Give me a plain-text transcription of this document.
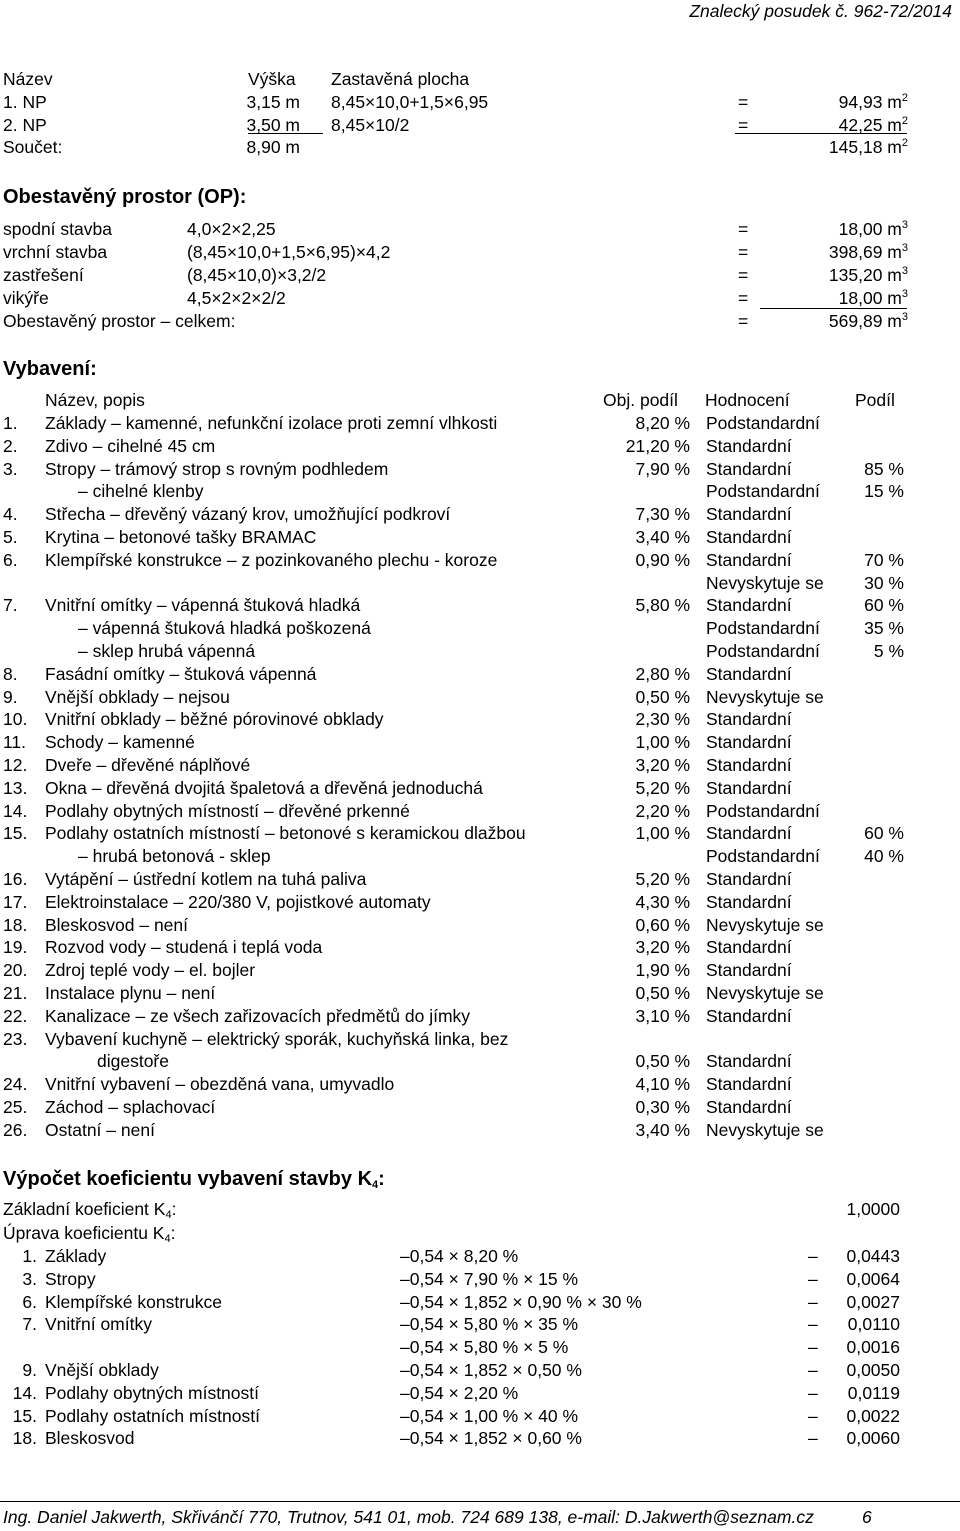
Znalecký posudek č. 962-72/2014
Název	Výška Zastavěná plocha
1. NP	3,15 m 8,45×10,0+1,5×6,95	=	94,93 $m^2$
2. NP	3,50 m 8,45×10/2	=	42,25 $m^2$
Součet:	8,90 m	145,18 $m^2$
Obestavěný prostor (OP):
spodní stavba	4,0×2×2,25	=	18,00 $m^3$
vrchní stavba	(8,45×10,0+1,5×6,95)×4,2	=	398,69 $m^3$
zastřešení	(8,45×10,0)×3,2/2	=	135,20 $m^3$
vikýře	4,5×2×2×2/2	=	18,00 $m^3$
Obestavěný prostor – celkem:	=	569,89 $m^3$
Vybavení:
Název, popis	Obj. podíl Hodnocení	Podíl
1. Základy – kamenné, nefunkční izolace proti zemní vlhkosti	8,20 % Podstandardní
2. Zdivo – cihelné 45 cm	21,20 % Standardní
3. Stropy – trámový strop s rovným podhledem	7,90 % Standardní	85 %
– cihelné klenby	Podstandardní	15 %
4. Střecha – dřevěný vázaný krov, umožňující podkroví	7,30 % Standardní
5. Krytina – betonové tašky BRAMAC	3,40 % Standardní
6. Klempířské konstrukce – z pozinkovaného plechu - koroze	0,90 % Standardní	70 %
Nevyskytuje se	30 %
7. Vnitřní omítky – vápenná štuková hladká	5,80 % Standardní	60 %
– vápenná štuková hladká poškozená	Podstandardní	35 %
– sklep hrubá vápenná	Podstandardní	5 %
8. Fasádní omítky – štuková vápenná	2,80 % Standardní
9. Vnější obklady – nejsou	0,50 % Nevyskytuje se
10. Vnitřní obklady – běžné pórovinové obklady	2,30 % Standardní
11. Schody – kamenné	1,00 % Standardní
12. Dveře – dřevěné náplňové	3,20 % Standardní
13. Okna – dřevěná dvojitá špaletová a dřevěná jednoduchá	5,20 % Standardní
14. Podlahy obytných místností – dřevěné prkenné	2,20 % Podstandardní
15. Podlahy ostatních místností – betonové s keramickou dlažbou	1,00 % Standardní	60 %
– hrubá betonová - sklep	Podstandardní	40 %
16. Vytápění – ústřední kotlem na tuhá paliva	5,20 % Standardní
17. Elektroinstalace – 220/380 V, pojistkové automaty	4,30 % Standardní
18. Bleskosvod – není	0,60 % Nevyskytuje se
19. Rozvod vody – studená i teplá voda	3,20 % Standardní
20. Zdroj teplé vody – el. bojler	1,90 % Standardní
21. Instalace plynu – není	0,50 % Nevyskytuje se
22. Kanalizace – ze všech zařizovacích předmětů do jímky	3,10 % Standardní
23. Vybavení kuchyně – elektrický sporák, kuchyňská linka, bez
digestoře	0,50 % Standardní
24. Vnitřní vybavení – obezděná vana, umyvadlo	4,10 % Standardní
25. Záchod – splachovací	0,30 % Standardní
26. Ostatní – není	3,40 % Nevyskytuje se
Výpočet koeficientu vybavení stavby $K_4$:
Základní koeficient $K_4$:	1,0000
Úprava koeficientu $K_4$:
1. Základy	–0,54 × 8,20 %	–	0,0443
3. Stropy	–0,54 × 7,90 % × 15 %	–	0,0064
6. Klempířské konstrukce	–0,54 × 1,852 × 0,90 % × 30 %	–	0,0027
7. Vnitřní omítky	–0,54 × 5,80 % × 35 %	–	0,0110
–0,54 × 5,80 % × 5 %	–	0,0016
9. Vnější obklady	–0,54 × 1,852 × 0,50 %	–	0,0050
14. Podlahy obytných místností	–0,54 × 2,20 %	–	0,0119
15. Podlahy ostatních místností	–0,54 × 1,00 % × 40 %	–	0,0022
18. Bleskosvod	–0,54 × 1,852 × 0,60 %	–	0,0060
Ing. Daniel Jakwerth, Skřivánčí 770, Trutnov, 541 01, mob. 724 689 138, e-mail: D.Jakwerth@seznam.cz	6
